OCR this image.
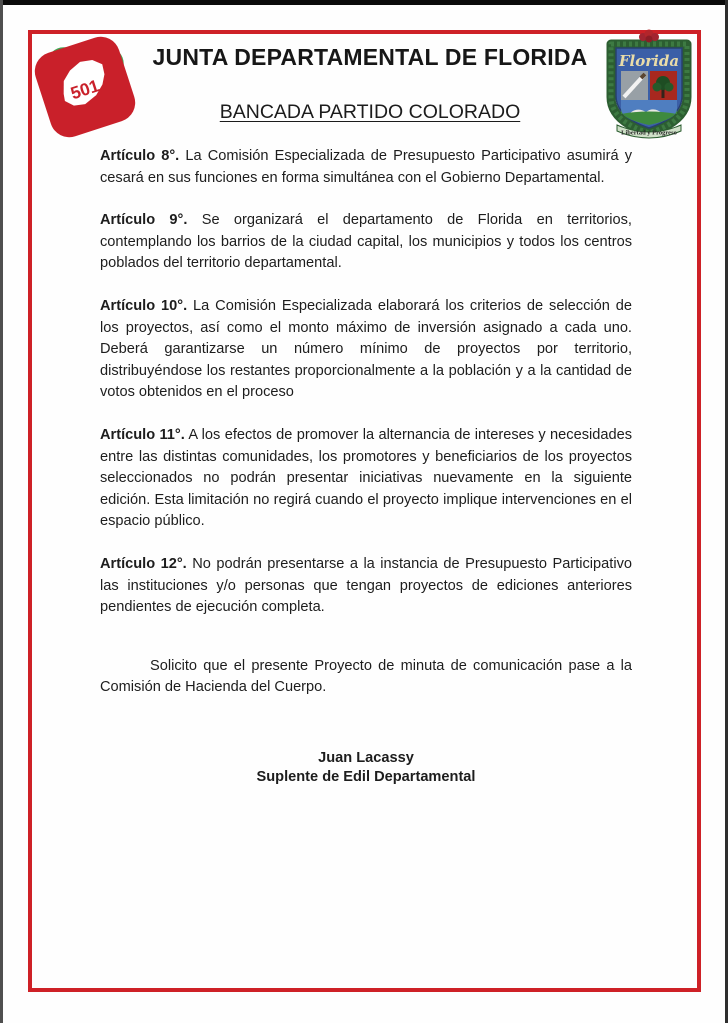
501
Florida
Libertad y Progreso
JUNTA DEPARTAMENTAL DE FLORIDA
BANCADA PARTIDO COLORADO

Artículo 8°. La Comisión Especializada de Presupuesto Participativo asumirá y cesará en sus funciones en forma simultánea con el Gobierno Departamental.

Artículo 9°. Se organizará el departamento de Florida en territorios, contemplando los barrios de la ciudad capital, los municipios y todos los centros poblados del territorio departamental.

Artículo 10°. La Comisión Especializada elaborará los criterios de selección de los proyectos, así como el monto máximo de inversión asignado a cada uno. Deberá garantizarse un número mínimo de proyectos por territorio, distribuyéndose los restantes proporcionalmente a la población y a la cantidad de votos obtenidos en el proceso

Artículo 11°. A los efectos de promover la alternancia de intereses y necesidades entre las distintas comunidades, los promotores y beneficiarios de los proyectos seleccionados no podrán presentar iniciativas nuevamente en la siguiente edición. Esta limitación no regirá cuando el proyecto implique intervenciones en el espacio público.

Artículo 12°. No podrán presentarse a la instancia de Presupuesto Participativo las instituciones y/o personas que tengan proyectos de ediciones anteriores pendientes de ejecución completa.

Solicito que el presente Proyecto de minuta de comunicación pase a la Comisión de Hacienda del Cuerpo.

Juan Lacassy
Suplente de Edil Departamental
